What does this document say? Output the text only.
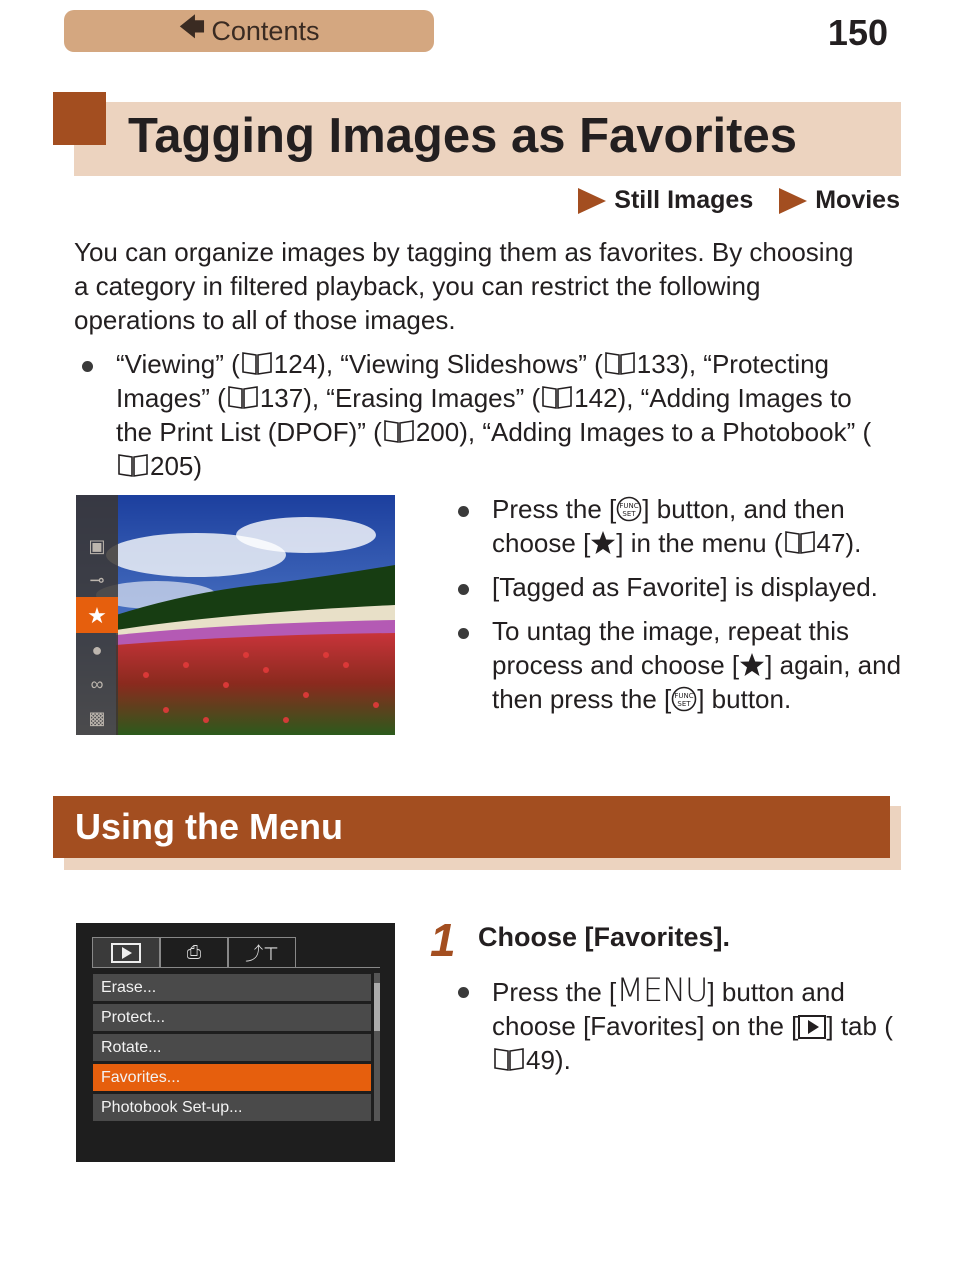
🡄 Contents	150
Tagging Images as Favorites
Still Images Movies
You can organize images by tagging them as favorites. By choosing a category in filtered playback, you can restrict the following operations to all of those images.
“Viewing” ( 124), “Viewing Slideshows” ( 133), “Protecting Images” ( 137), “Erasing Images” ( 142), “Adding Images to the Print List (DPOF)” ( 200), “Adding Images to a Photobook” (205)
▣
⊸
★
●
∞
▩
Press the [ FUNC
SET ] button, and then choose [ ] in the menu ( 47).
[Tagged as Favorite] is displayed.
To untag the image, repeat this process and choose [ ] again, and then press the [ FUNC
SET ] button.
Using the Menu
⎙ ⤴⊤
Erase...
Protect...
Rotate...
Favorites...
Photobook Set-up...
1 Choose [Favorites].
Press the [MENU] button and choose [Favorites] on the [ ] tab (49).
